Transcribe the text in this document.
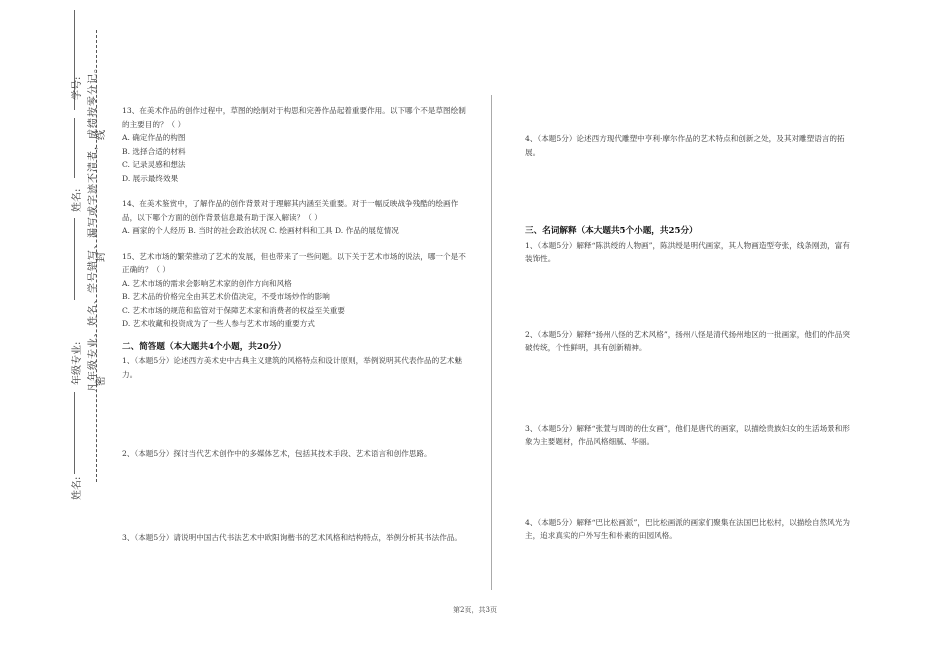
学号:
姓名:
年级专业:
姓名:
凡年级专业、姓名、学号错写、漏写或字迹不清者，成绩按零分记。
线
封
密

13、在美术作品的创作过程中，草图的绘制对于构思和完善作品起着重要作用。以下哪个不是草图绘制的主要目的？（ ）

A. 确定作品的构图

B. 选择合适的材料

C. 记录灵感和想法

D. 展示最终效果

14、在美术鉴赏中，了解作品的创作背景对于理解其内涵至关重要。对于一幅反映战争残酷的绘画作品，以下哪个方面的创作背景信息最有助于深入解读？（ ）

A. 画家的个人经历 B. 当时的社会政治状况 C. 绘画材料和工具 D. 作品的展览情况

15、艺术市场的繁荣推动了艺术的发展，但也带来了一些问题。以下关于艺术市场的说法，哪一个是不正确的？（ ）

A. 艺术市场的需求会影响艺术家的创作方向和风格

B. 艺术品的价格完全由其艺术价值决定，不受市场炒作的影响

C. 艺术市场的规范和监管对于保障艺术家和消费者的权益至关重要

D. 艺术收藏和投资成为了一些人参与艺术市场的重要方式

二、简答题（本大题共4个小题，共20分）

1、（本题5分）论述西方美术史中古典主义建筑的风格特点和设计原则，举例说明其代表作品的艺术魅力。

2、（本题5分）探讨当代艺术创作中的多媒体艺术，包括其技术手段、艺术语言和创作思路。

3、（本题5分）请说明中国古代书法艺术中欧阳询楷书的艺术风格和结构特点，举例分析其书法作品。

4、（本题5分）论述西方现代雕塑中亨利·摩尔作品的艺术特点和创新之处，及其对雕塑语言的拓展。

三、名词解释（本大题共5个小题，共25分）

1、（本题5分）解释“陈洪绶的人物画”，陈洪绶是明代画家，其人物画造型夸张，线条刚劲，富有装饰性。

2、（本题5分）解释“扬州八怪的艺术风格”，扬州八怪是清代扬州地区的一批画家，他们的作品突破传统，个性鲜明，具有创新精神。

3、（本题5分）解释“张萱与周昉的仕女画”，他们是唐代的画家，以描绘贵族妇女的生活场景和形象为主要题材，作品风格细腻、华丽。

4、（本题5分）解释“巴比松画派”，巴比松画派的画家们聚集在法国巴比松村，以描绘自然风光为主，追求真实的户外写生和朴素的田园风格。

第2页，共3页
